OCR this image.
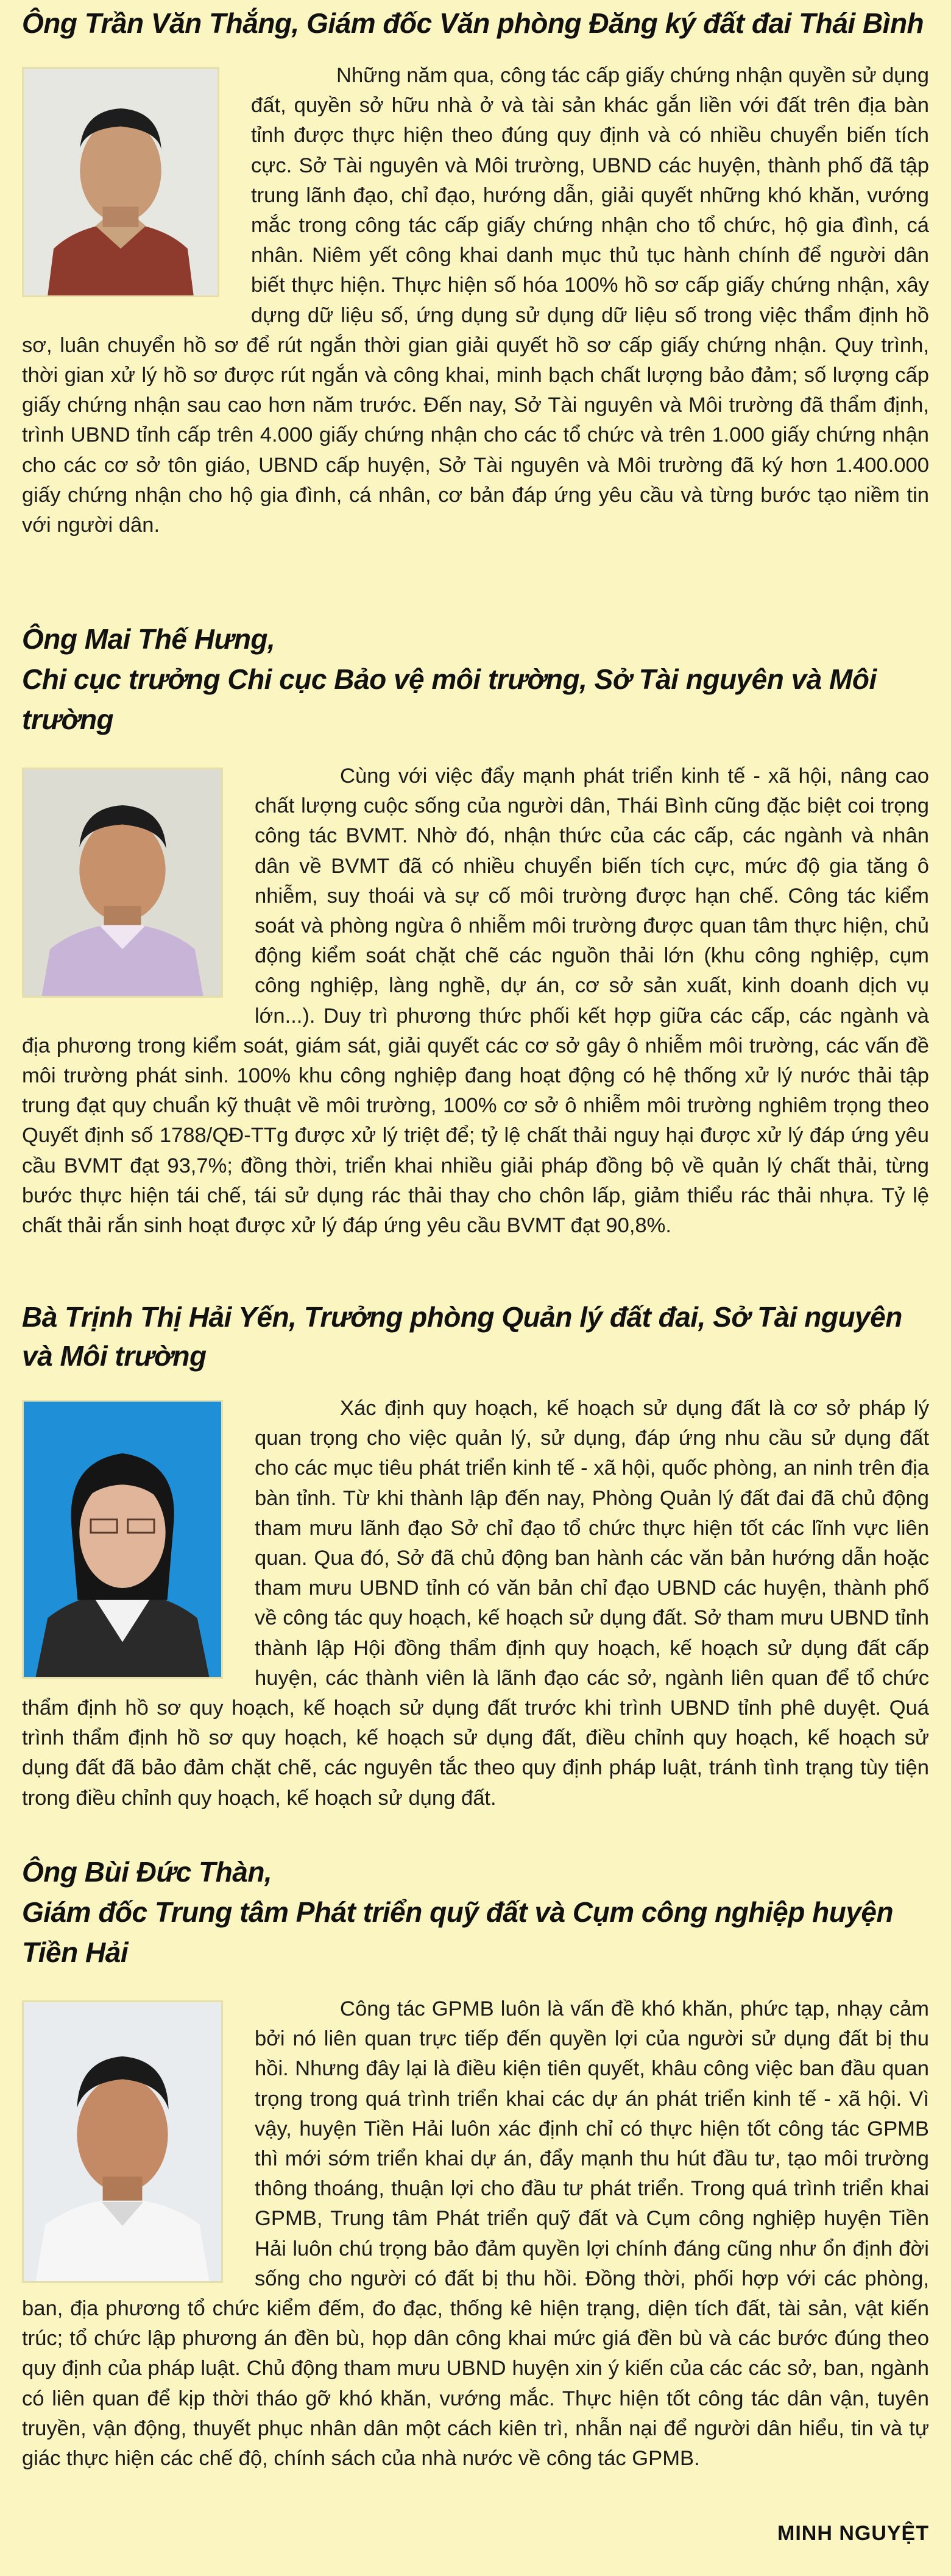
Ông Trần Văn Thắng, Giám đốc Văn phòng Đăng ký đất đai Thái Bình
Những năm qua, công tác cấp giấy chứng nhận quyền sử dụng đất, quyền sở hữu nhà ở và tài sản khác gắn liền với đất trên địa bàn tỉnh được thực hiện theo đúng quy định và có nhiều chuyển biến tích cực. Sở Tài nguyên và Môi trường, UBND các huyện, thành phố đã tập trung lãnh đạo, chỉ đạo, hướng dẫn, giải quyết những khó khăn, vướng mắc trong công tác cấp giấy chứng nhận cho tổ chức, hộ gia đình, cá nhân. Niêm yết công khai danh mục thủ tục hành chính để người dân biết thực hiện. Thực hiện số hóa 100% hồ sơ cấp giấy chứng nhận, xây dựng dữ liệu số, ứng dụng sử dụng dữ liệu số trong việc thẩm định hồ sơ, luân chuyển hồ sơ để rút ngắn thời gian giải quyết hồ sơ cấp giấy chứng nhận. Quy trình, thời gian xử lý hồ sơ được rút ngắn và công khai, minh bạch chất lượng bảo đảm; số lượng cấp giấy chứng nhận sau cao hơn năm trước. Đến nay, Sở Tài nguyên và Môi trường đã thẩm định, trình UBND tỉnh cấp trên 4.000 giấy chứng nhận cho các tổ chức và trên 1.000 giấy chứng nhận cho các cơ sở tôn giáo, UBND cấp huyện, Sở Tài nguyên và Môi trường đã ký hơn 1.400.000 giấy chứng nhận cho hộ gia đình, cá nhân, cơ bản đáp ứng yêu cầu và từng bước tạo niềm tin với người dân.
Ông Mai Thế Hưng,
Chi cục trưởng Chi cục Bảo vệ môi trường, Sở Tài nguyên và Môi trường
Cùng với việc đẩy mạnh phát triển kinh tế - xã hội, nâng cao chất lượng cuộc sống của người dân, Thái Bình cũng đặc biệt coi trọng công tác BVMT. Nhờ đó, nhận thức của các cấp, các ngành và nhân dân về BVMT đã có nhiều chuyển biến tích cực, mức độ gia tăng ô nhiễm, suy thoái và sự cố môi trường được hạn chế. Công tác kiểm soát và phòng ngừa ô nhiễm môi trường được quan tâm thực hiện, chủ động kiểm soát chặt chẽ các nguồn thải lớn (khu công nghiệp, cụm công nghiệp, làng nghề, dự án, cơ sở sản xuất, kinh doanh dịch vụ lớn...). Duy trì phương thức phối kết hợp giữa các cấp, các ngành và địa phương trong kiểm soát, giám sát, giải quyết các cơ sở gây ô nhiễm môi trường, các vấn đề môi trường phát sinh. 100% khu công nghiệp đang hoạt động có hệ thống xử lý nước thải tập trung đạt quy chuẩn kỹ thuật về môi trường, 100% cơ sở ô nhiễm môi trường nghiêm trọng theo Quyết định số 1788/QĐ-TTg được xử lý triệt để; tỷ lệ chất thải nguy hại được xử lý đáp ứng yêu cầu BVMT đạt 93,7%; đồng thời, triển khai nhiều giải pháp đồng bộ về quản lý chất thải, từng bước thực hiện tái chế, tái sử dụng rác thải thay cho chôn lấp, giảm thiểu rác thải nhựa. Tỷ lệ chất thải rắn sinh hoạt được xử lý đáp ứng yêu cầu BVMT đạt 90,8%.
Bà Trịnh Thị Hải Yến, Trưởng phòng Quản lý đất đai, Sở Tài nguyên và Môi trường
Xác định quy hoạch, kế hoạch sử dụng đất là cơ sở pháp lý quan trọng cho việc quản lý, sử dụng, đáp ứng nhu cầu sử dụng đất cho các mục tiêu phát triển kinh tế - xã hội, quốc phòng, an ninh trên địa bàn tỉnh. Từ khi thành lập đến nay, Phòng Quản lý đất đai đã chủ động tham mưu lãnh đạo Sở chỉ đạo tổ chức thực hiện tốt các lĩnh vực liên quan. Qua đó, Sở đã chủ động ban hành các văn bản hướng dẫn hoặc tham mưu UBND tỉnh có văn bản chỉ đạo UBND các huyện, thành phố về công tác quy hoạch, kế hoạch sử dụng đất. Sở tham mưu UBND tỉnh thành lập Hội đồng thẩm định quy hoạch, kế hoạch sử dụng đất cấp huyện, các thành viên là lãnh đạo các sở, ngành liên quan để tổ chức thẩm định hồ sơ quy hoạch, kế hoạch sử dụng đất trước khi trình UBND tỉnh phê duyệt. Quá trình thẩm định hồ sơ quy hoạch, kế hoạch sử dụng đất, điều chỉnh quy hoạch, kế hoạch sử dụng đất đã bảo đảm chặt chẽ, các nguyên tắc theo quy định pháp luật, tránh tình trạng tùy tiện trong điều chỉnh quy hoạch, kế hoạch sử dụng đất.
Ông Bùi Đức Thàn,
Giám đốc Trung tâm Phát triển quỹ đất và Cụm công nghiệp huyện Tiền Hải
Công tác GPMB luôn là vấn đề khó khăn, phức tạp, nhạy cảm bởi nó liên quan trực tiếp đến quyền lợi của người sử dụng đất bị thu hồi. Nhưng đây lại là điều kiện tiên quyết, khâu công việc ban đầu quan trọng trong quá trình triển khai các dự án phát triển kinh tế - xã hội. Vì vậy, huyện Tiền Hải luôn xác định chỉ có thực hiện tốt công tác GPMB thì mới sớm triển khai dự án, đẩy mạnh thu hút đầu tư, tạo môi trường thông thoáng, thuận lợi cho đầu tư phát triển. Trong quá trình triển khai GPMB, Trung tâm Phát triển quỹ đất và Cụm công nghiệp huyện Tiền Hải luôn chú trọng bảo đảm quyền lợi chính đáng cũng như ổn định đời sống cho người có đất bị thu hồi. Đồng thời, phối hợp với các phòng, ban, địa phương tổ chức kiểm đếm, đo đạc, thống kê hiện trạng, diện tích đất, tài sản, vật kiến trúc; tổ chức lập phương án đền bù, họp dân công khai mức giá đền bù và các bước đúng theo quy định của pháp luật. Chủ động tham mưu UBND huyện xin ý kiến của các các sở, ban, ngành có liên quan để kịp thời tháo gỡ khó khăn, vướng mắc. Thực hiện tốt công tác dân vận, tuyên truyền, vận động, thuyết phục nhân dân một cách kiên trì, nhẫn nại để người dân hiểu, tin và tự giác thực hiện các chế độ, chính sách của nhà nước về công tác GPMB.
MINH NGUYỆT
